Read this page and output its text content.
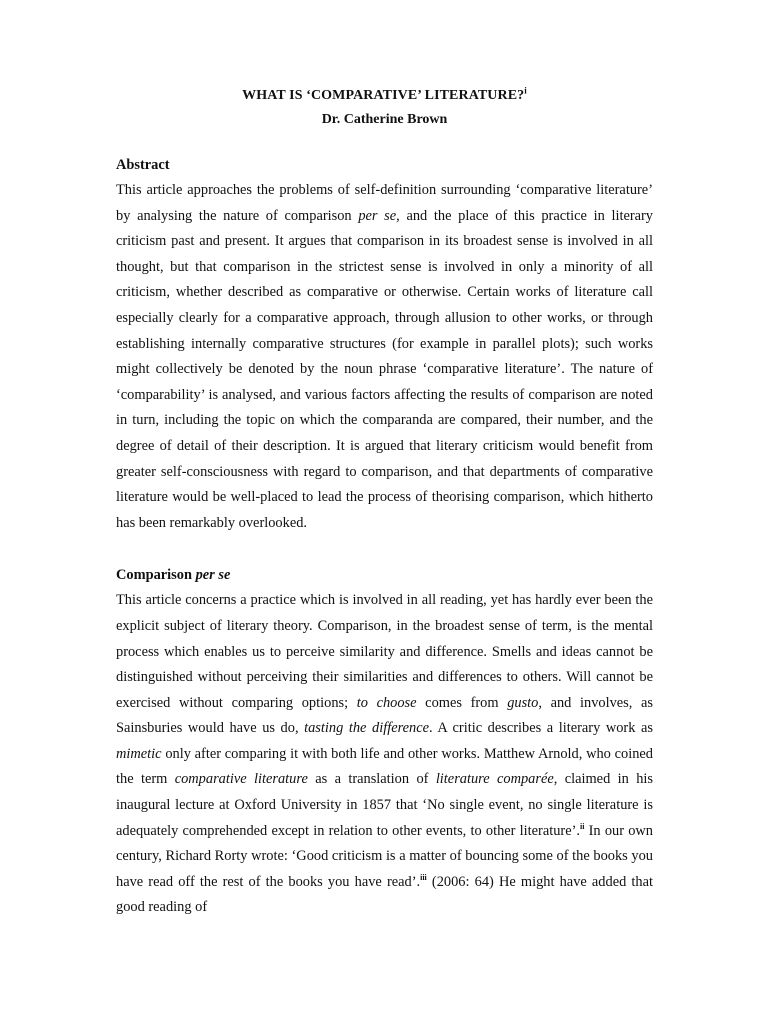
WHAT IS ‘COMPARATIVE’ LITERATURE?$^i$
Dr. Catherine Brown
Abstract

This article approaches the problems of self-definition surrounding ‘comparative literature’ by analysing the nature of comparison per se, and the place of this practice in literary criticism past and present. It argues that comparison in its broadest sense is involved in all thought, but that comparison in the strictest sense is involved in only a minority of all criticism, whether described as comparative or otherwise. Certain works of literature call especially clearly for a comparative approach, through allusion to other works, or through establishing internally comparative structures (for example in parallel plots); such works might collectively be denoted by the noun phrase ‘comparative literature’. The nature of ‘comparability’ is analysed, and various factors affecting the results of comparison are noted in turn, including the topic on which the comparanda are compared, their number, and the degree of detail of their description. It is argued that literary criticism would benefit from greater self-consciousness with regard to comparison, and that departments of comparative literature would be well-placed to lead the process of theorising comparison, which hitherto has been remarkably overlooked.

Comparison per se

This article concerns a practice which is involved in all reading, yet has hardly ever been the explicit subject of literary theory. Comparison, in the broadest sense of term, is the mental process which enables us to perceive similarity and difference. Smells and ideas cannot be distinguished without perceiving their similarities and differences to others. Will cannot be exercised without comparing options; to choose comes from gusto, and involves, as Sainsburies would have us do, tasting the difference. A critic describes a literary work as mimetic only after comparing it with both life and other works. Matthew Arnold, who coined the term comparative literature as a translation of literature comparée, claimed in his inaugural lecture at Oxford University in 1857 that ‘No single event, no single literature is adequately comprehended except in relation to other events, to other literature’.$^{ii}$ In our own century, Richard Rorty wrote: ‘Good criticism is a matter of bouncing some of the books you have read off the rest of the books you have read’.$^{iii}$ (2006: 64) He might have added that good reading of
